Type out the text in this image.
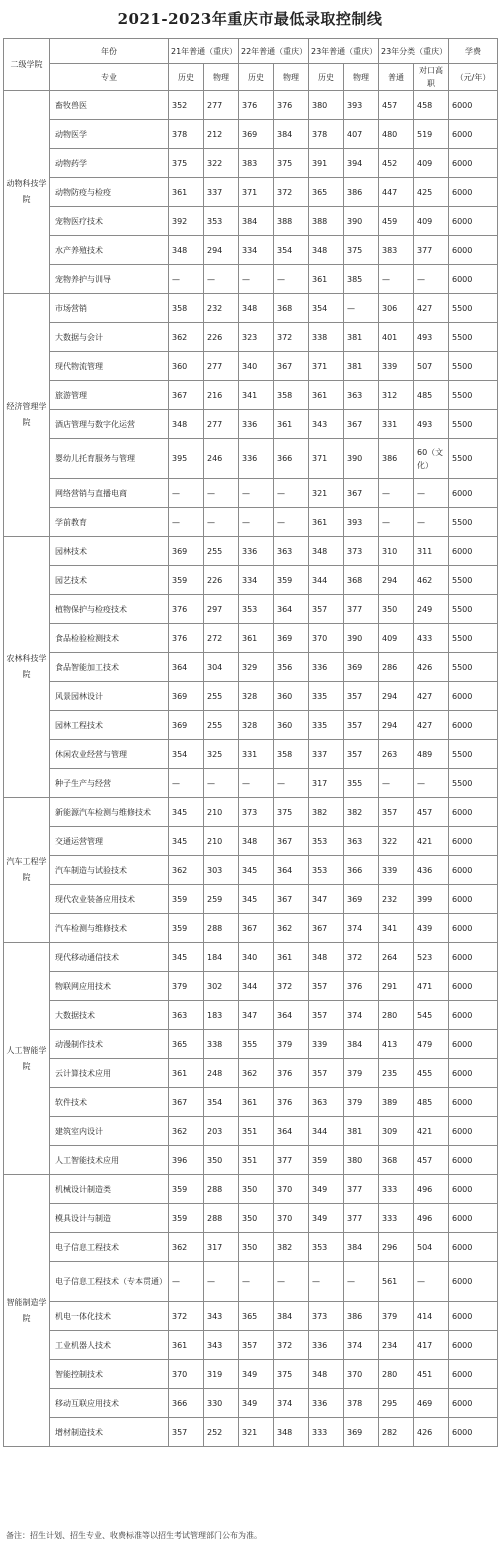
2021-2023年重庆市最低录取控制线
二级学院	年份	21年普通（重庆）		22年普通（重庆）		23年普通（重庆）		23年分类（重庆）		学费
		历史	物理	历史	物理	历史	物理	普通	对口高职	（元/年）
	专业									
动物科技学院	畜牧兽医	352	277	376	376	380	393	457	458	6000
	动物医学	378	212	369	384	378	407	480	519	6000
	动物药学	375	322	383	375	391	394	452	409	6000
	动物防疫与检疫	361	337	371	372	365	386	447	425	6000
	宠物医疗技术	392	353	384	388	388	390	459	409	6000
	水产养殖技术	348	294	334	354	348	375	383	377	6000
	宠物养护与训导	—	—	—	—	361	385	—	—	6000
经济管理学院	市场营销	358	232	348	368	354	—	306	427	5500
	大数据与会计	362	226	323	372	338	381	401	493	5500
	现代物流管理	360	277	340	367	371	381	339	507	5500
	旅游管理	367	216	341	358	361	363	312	485	5500
	酒店管理与数字化运营	348	277	336	361	343	367	331	493	5500
	婴幼儿托育服务与管理	395	246	336	366	371	390	386	60（文化）	5500
	网络营销与直播电商	—	—	—	—	321	367	—	—	6000
	学前教育	—	—	—	—	361	393	—	—	5500
农林科技学院	园林技术	369	255	336	363	348	373	310	311	6000
	园艺技术	359	226	334	359	344	368	294	462	5500
	植物保护与检疫技术	376	297	353	364	357	377	350	249	5500
	食品检验检测技术	376	272	361	369	370	390	409	433	5500
	食品智能加工技术	364	304	329	356	336	369	286	426	5500
	风景园林设计	369	255	328	360	335	357	294	427	6000
	园林工程技术	369	255	328	360	335	357	294	427	6000
	休闲农业经营与管理	354	325	331	358	337	357	263	489	5500
	种子生产与经营	—	—	—	—	317	355	—	—	5500
汽车工程学院	新能源汽车检测与维修技术	345	210	373	375	382	382	357	457	6000
	交通运营管理	345	210	348	367	353	363	322	421	6000
	汽车制造与试验技术	362	303	345	364	353	366	339	436	6000
	现代农业装备应用技术	359	259	345	367	347	369	232	399	6000
	汽车检测与维修技术	359	288	367	362	367	374	341	439	6000
人工智能学院	现代移动通信技术	345	184	340	361	348	372	264	523	6000
	物联网应用技术	379	302	344	372	357	376	291	471	6000
	大数据技术	363	183	347	364	357	374	280	545	6000
	动漫制作技术	365	338	355	379	339	384	413	479	6000
	云计算技术应用	361	248	362	376	357	379	235	455	6000
	软件技术	367	354	361	376	363	379	389	485	6000
	建筑室内设计	362	203	351	364	344	381	309	421	6000
	人工智能技术应用	396	350	351	377	359	380	368	457	6000
智能制造学院	机械设计制造类	359	288	350	370	349	377	333	496	6000
	模具设计与制造	359	288	350	370	349	377	333	496	6000
	电子信息工程技术	362	317	350	382	353	384	296	504	6000
	电子信息工程技术（专本贯通）	—	—	—	—	—	—	561	—	6000
	机电一体化技术	372	343	365	384	373	386	379	414	6000
	工业机器人技术	361	343	357	372	336	374	234	417	6000
	智能控制技术	370	319	349	375	348	370	280	451	6000
	移动互联应用技术	366	330	349	374	336	378	295	469	6000
	增材制造技术	357	252	321	348	333	369	282	426	6000
备注：招生计划、招生专业、收费标准等以招生考试管理部门公布为准。
